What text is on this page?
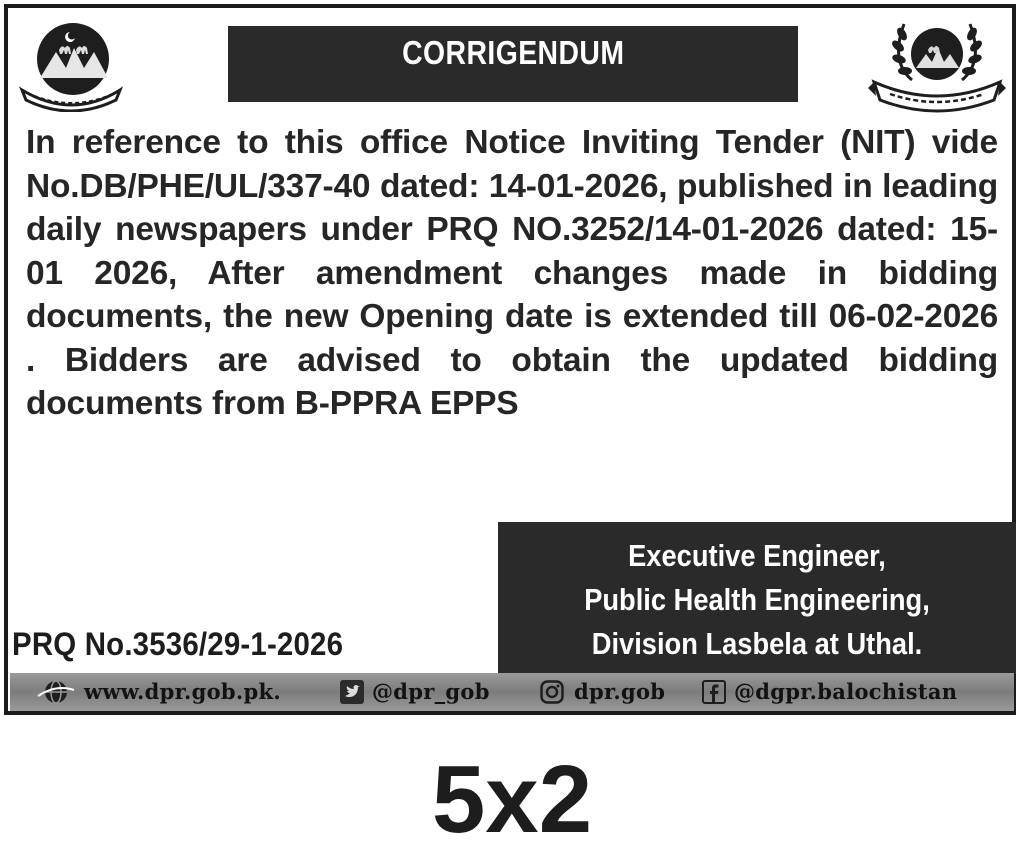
CORRIGENDUM

In reference to this office Notice Inviting Tender (NIT) vide No.DB/PHE/UL/337-40 dated: 14-01-2026, published in leading daily newspapers under PRQ NO.3252/14-01-2026 dated: 15-01 2026, After amendment changes made in bidding documents, the new Opening date is extended till 06-02-2026 . Bidders are advised to obtain the updated bidding documents from B-PPRA EPPS

Executive Engineer,
Public Health Engineering,
Division Lasbela at Uthal.
PRQ No.3536/29-1-2026
www.dpr.gob.pk.	@dpr_gob	dpr.gob	@dgpr.balochistan
5x2
